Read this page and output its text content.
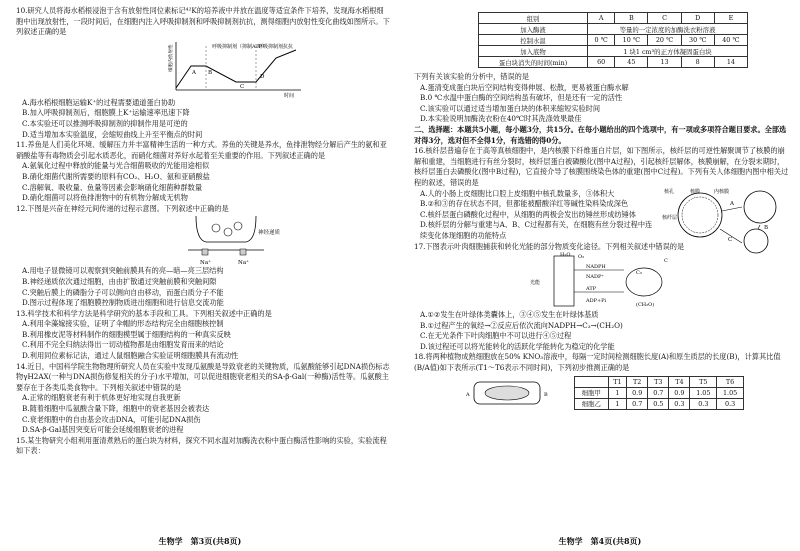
10.研究人员将海水稻根浸泡于含有放射性同位素标记⁴²K的培养液中并放在温度等适宜条件下培养，发现海水稻根细胞中出现放射性，一段时间后，在细胞内注入呼吸抑制剂和呼吸抑制剂抗抗，测得细胞内放射性变化曲线如图所示。下列叙述正确的是

呼吸抑制剂（抑制ATP）
呼吸抑制剂抗抗
A B
C
D
细胞内放射性
时间

A.海水稻根细胞运输K⁺的过程需要通道蛋白协助

B.加入呼吸抑制剂后，细胞膜上K⁺运输速率迅速下降

C.本实验还可以推测呼吸抑制剂的抑制作用是可逆的

D.适当增加本实验温度，会缩短曲线上升至平衡点的时间

11.养鱼是人们美化环境、缓解压力并丰富精神生活的一种方式。养鱼的关键是养水，鱼排泄物经分解后产生的氨和亚硝酸盐等有毒物质会引起水质恶化，而硝化细菌对养好水起着至关重要的作用。下列叙述正确的是

A.氨氧化过程中释放的能量与光合细菌吸收的光能用途相似

B.硝化细菌代谢所需要的原料有CO₂、H₂O、氨和亚硝酸盐

C.溶解氧、吸收量、鱼量等因素会影响硝化细菌种群数量

D.硝化细菌可以将鱼排泄物中的有机物分解成无机物

12.下图是兴奋在神经元间传递的过程示意图。下列叙述中正确的是

神经递质
Na⁺	Na⁺

A.用电子显微镜可以观察到突触前膜具有的亮—暗—亮三层结构

B.神经递质依次通过细胞，由由扩散通过突触前膜和突触间隙

C.突触后膜上的磷脂分子可以侧向自由移动，而蛋白质分子不能

D.图示过程体现了细胞膜控制物质进出细胞和进行信息交流功能

13.科学技术和科学方法是科学研究的基本手段和工具。下列相关叙述中正确的是

A.利用伞藻嫁接实验，证明了伞帽的形态结构完全由细胞核控制

B.利用橡皮泥等材料制作的细胞模型属于细胞结构的一种真实反映

C.利用不完全归纳法得出一切动植物都是由细胞发育而来的结论

D.利用同位素标记法，通过人鼠细胞融合实验证明细胞膜具有流动性

14.近日，中国科学院生物物理所研究人员在实验中发现瓜氨酸是导致衰老的关键物质，瓜氨酸能够引起DNA损伤标志物γH2AX(一种与DNA损伤修复相关的分子)水平增加，可以促进细胞衰老相关的SA-β-Gal(一种酶)活性等。瓜氨酸主要存在于各类瓜类食物中。下列相关叙述中错误的是

A.正常的细胞衰老有利于机体更好地实现自我更新

B.随着细胞中瓜氨酸含量下降，细胞中的衰老基因会被表达

C.衰老细胞中的自由基会攻击DNA，可能引起DNA损伤

D.SA-β-Gal基因突变后可能会延缓细胞衰老的进程

15.某生物研究小组利用蛋清煮熟后的蛋白块为材料，探究不同水温对加酶洗衣粉中蛋白酶活性影响的实验，实验流程如下表：

生物学　第3页(共8页)
组别	A	B	C	D	E
加入酶液	等量的一定浓度的加酶洗衣粉溶液				
控制水温	0 ℃	10 ℃	20 ℃	30 ℃	40 ℃
加入底物	1 块1 cm³的正方体凝固蛋白块				
蛋白块消失的时间(min)	60	45	13	8	14

下列有关该实验的分析中，错误的是

A.蛋清变成蛋白块后空间结构变得伸展、松散，更易被蛋白酶水解

B.0 ℃水温中蛋白酶的空间结构虽有破坏，但是还有一定的活性

C.该实验可以通过适当增加蛋白块的体积来缩短实验时间

D.本实验说明加酶洗衣粉在40℃时其洗涤效果最佳

二、选择题：本题共5小题，每小题3分，共15分。在每小题给出的四个选项中，有一项或多项符合题目要求。全部选对得3分，选对但不全得1分，有选错的得0分。

16.核纤层普遍存在于高等真核细胞中，是内核膜下纤维蛋白片层，如下图所示，核纤层的可逆性解聚调节了核膜的崩解和重建，当细胞进行有丝分裂时，核纤层蛋白被磷酸化(图中A过程)，引起核纤层解体，核膜崩解，在分裂末期时，核纤层蛋白去磷酸化(图中B过程)，它直接介导了核膜围绕染色体的重建(图中C过程)。下列有关人体细胞内图中相关过程的叙述，错误的是

A.人的小肠上皮细胞比口腔上皮细胞中核孔数量多，③体积大

B.②和③的存在状态不同，但都能被醋酸洋红等碱性染料染成深色

C.核纤层蛋白磷酸化过程中，从细胞的两极会发出纺锤丝形成纺锤体

D.核纤层的分解与重建与A、B、C过程都有关，在细胞有丝分裂过程中连续变化体现细胞的功能特点

核孔	核膜	内核膜
核纤层
A
B
C

17.下图表示叶肉细胞捕获和转化光能的部分物质变化途径。下列相关叙述中错误的是

H₂O O₂
光能
NADPH
NADP⁺
ATP
ADP+Pi
C₃
(CH₂O)
C

A.①②发生在叶绿体类囊体上，③④⑤发生在叶绿体基质

B.①过程产生的氧经→②反应后依次流向NADPH→C₃→(CH₂O)

C.在无光条件下叶肉细胞中不可以进行④⑤过程

D.该过程还可以将光能转化的活跃化学能转化为稳定的化学能

18.将两种植物成熟细胞放在50% KNO₃溶液中，每隔一定时间检测细胞长度(A)和原生质层的长度(B)，计算其比值(B/A值)如下表所示(T1～T6表示不同时间)，下列初步推测正确的是

A	B
	T1	T2	T3	T4	T5	T6
细胞甲	1	0.9	0.7	0.9	1.05	1.05
细胞乙	1	0.7	0.5	0.3	0.3	0.3
生物学　第4页(共8页)
